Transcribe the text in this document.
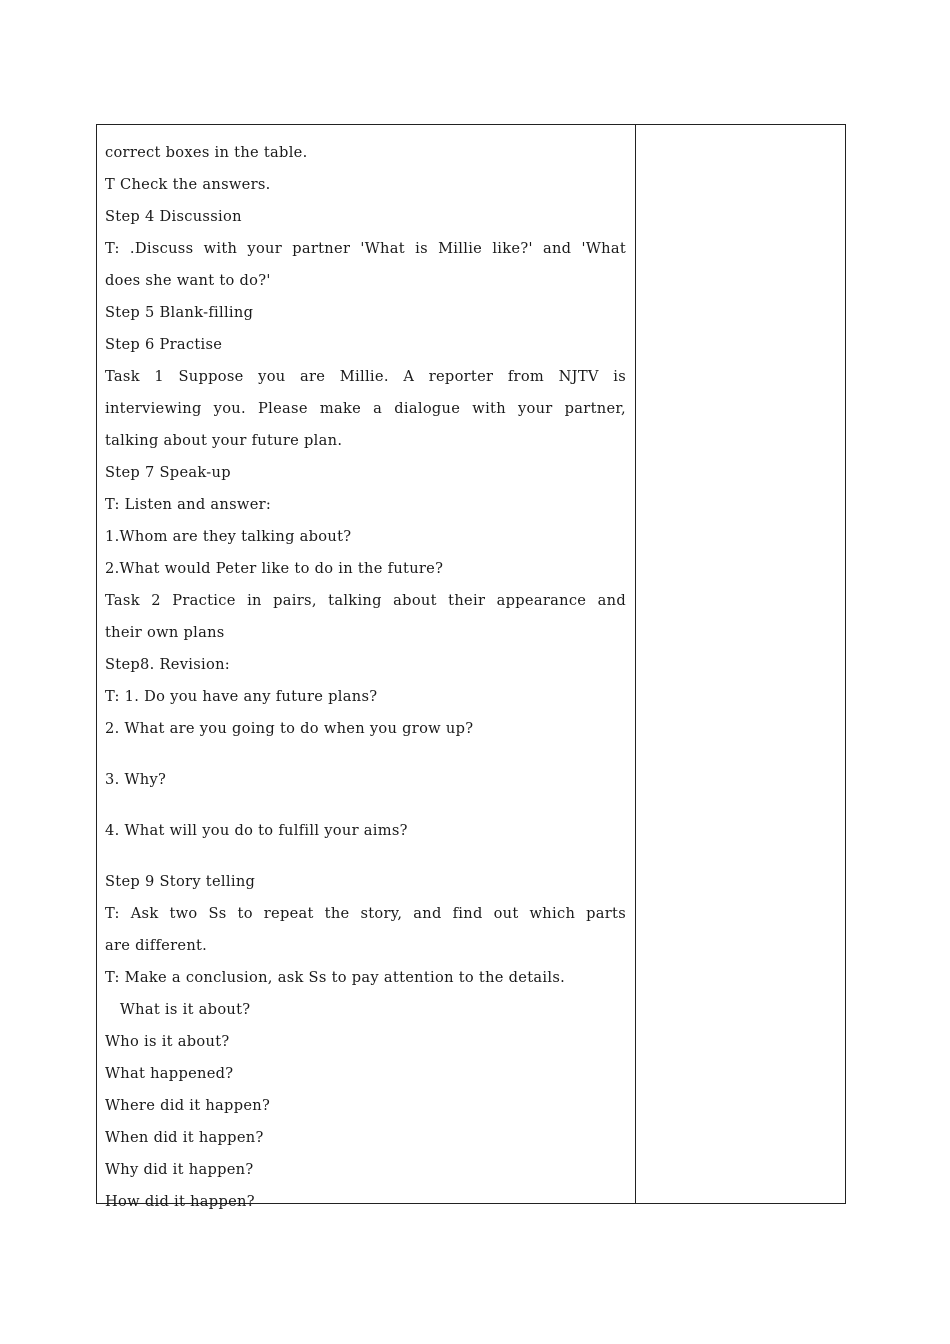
correct boxes in the table.
T Check the answers.
Step 4 Discussion
T: .Discuss with your partner 'What is Millie like?' and 'What
does she want to do?'
Step 5 Blank-filling
Step 6 Practise
Task 1 Suppose you are Millie. A reporter from NJTV is
interviewing you. Please make a dialogue with your partner,
talking about your future plan.
Step 7 Speak-up
T: Listen and answer:
1.Whom are they talking about?
2.What would Peter like to do in the future?
Task 2 Practice in pairs, talking about their appearance and
their own plans
Step8. Revision:
T: 1. Do you have any future plans?
2. What are you going to do when you grow up?
3. Why?
4. What will you do to fulfill your aims?
Step 9 Story telling
T: Ask two Ss to repeat the story, and find out which parts
are different.
T: Make a conclusion, ask Ss to pay attention to the details.
What is it about?
Who is it about?
What happened?
Where did it happen?
When did it happen?
Why did it happen?
How did it happen?
